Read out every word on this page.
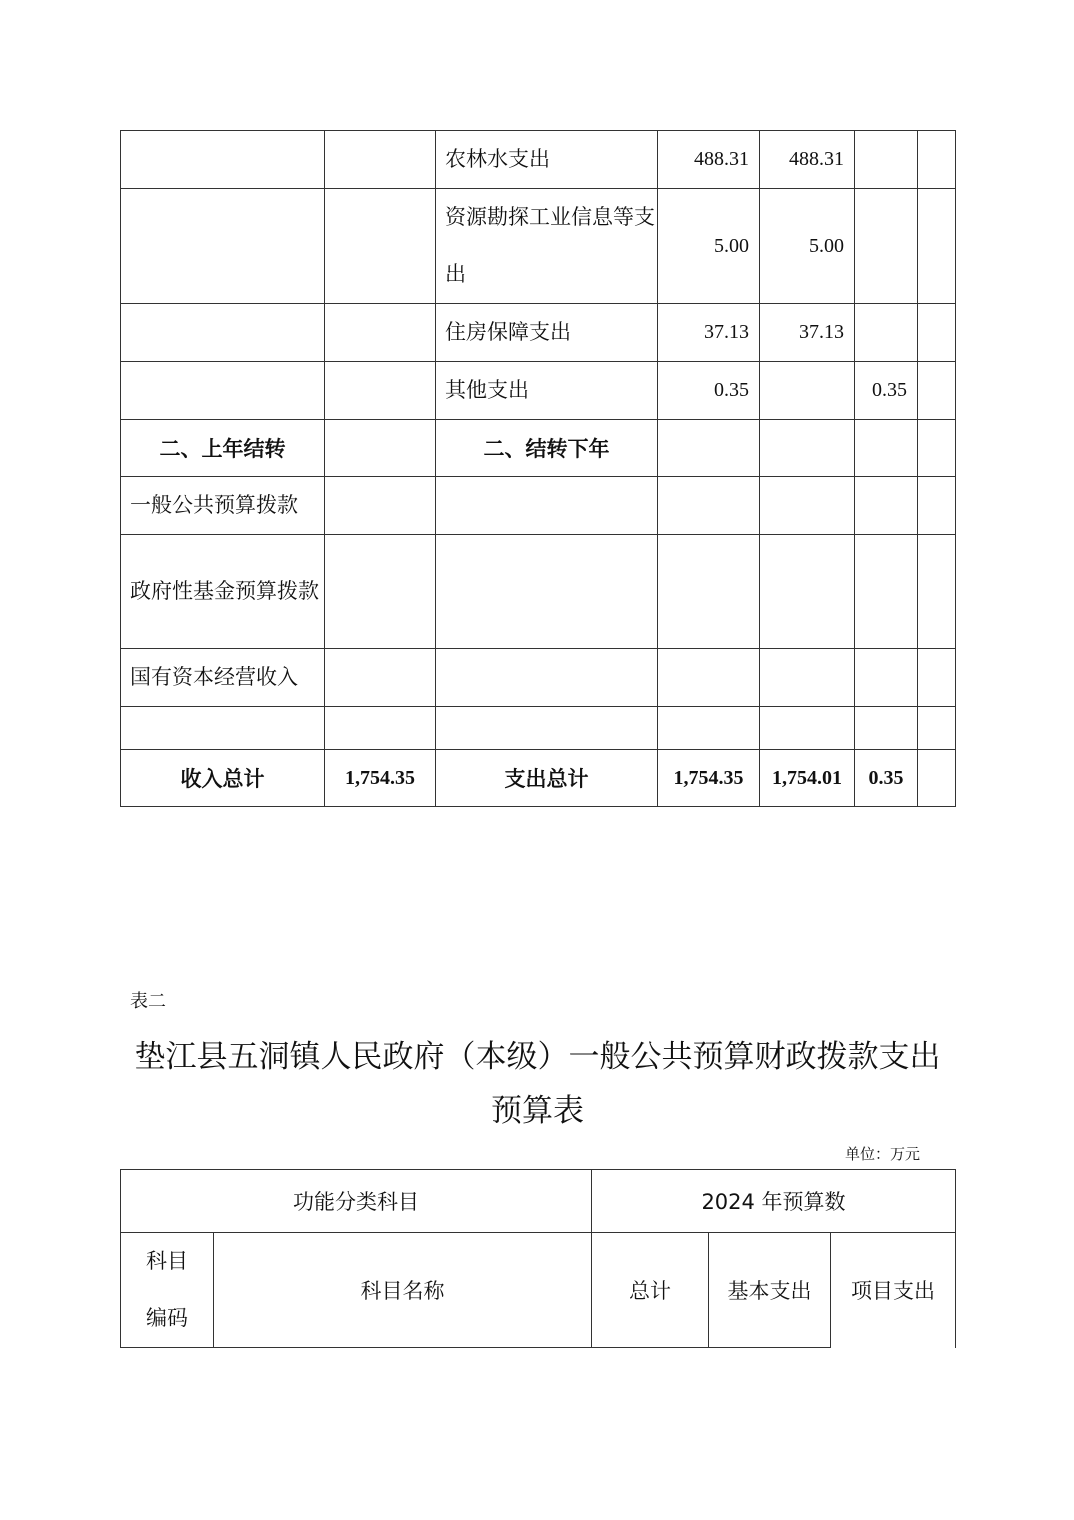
		农林水支出	488.31	488.31		
		资源勘探工业信息等支出	5.00	5.00		
		住房保障支出	37.13	37.13		
		其他支出	0.35		0.35	
二、上年结转		二、结转下年				
一般公共预算拨款						
政府性基金预算拨款						
国有资本经营收入						

收入总计	1,754.35	支出总计	1,754.35	1,754.01	0.35	
表二
垫江县五洞镇人民政府（本级）一般公共预算财政拨款支出预算表
单位：万元
功能分类科目		2024 年预算数		
科目编码	科目名称	总计	基本支出	项目支出
